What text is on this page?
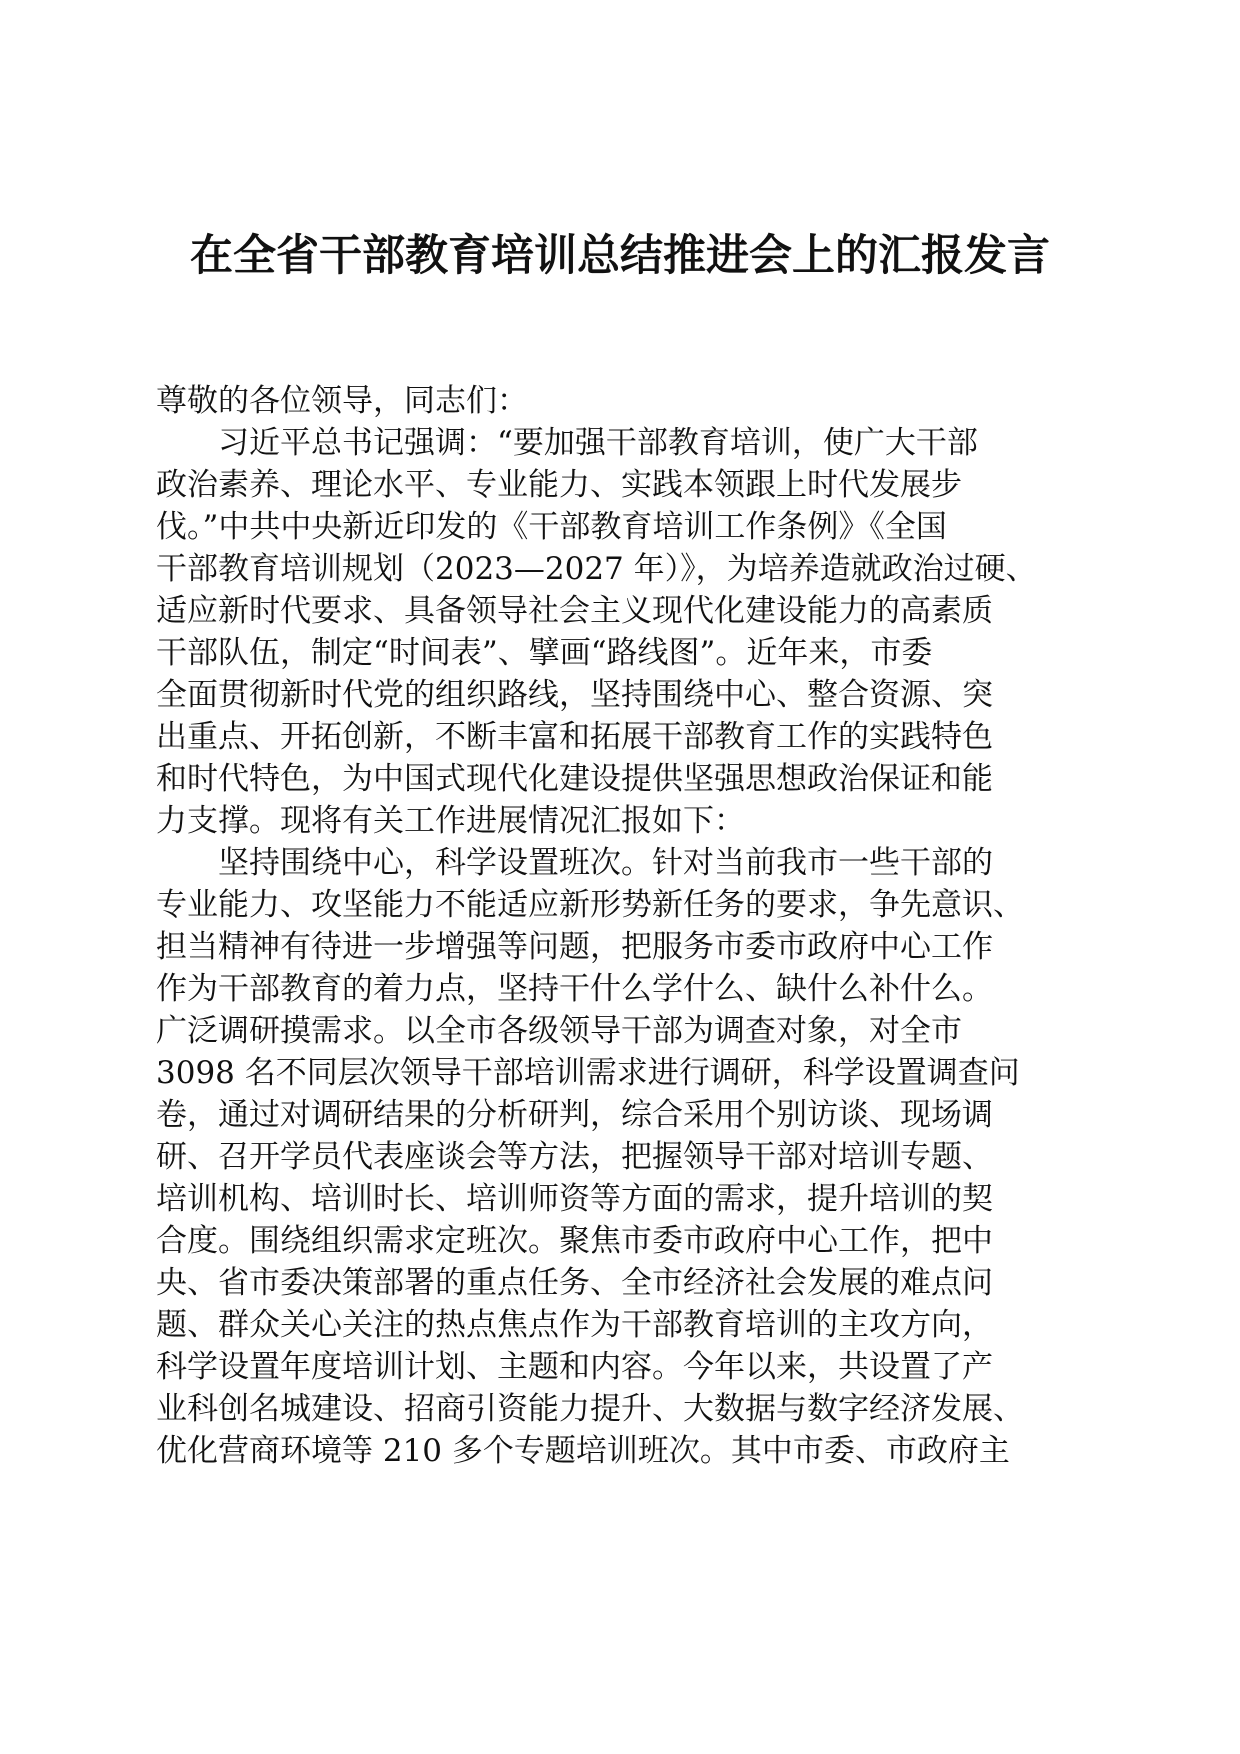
在全省干部教育培训总结推进会上的汇报发言

尊敬的各位领导，同志们：

习近平总书记强调：“要加强干部教育培训，使广大干部

政治素养、理论水平、专业能力、实践本领跟上时代发展步

伐。”中共中央新近印发的《干部教育培训工作条例》《全国

干部教育培训规划（2023—2027 年）》，为培养造就政治过硬、

适应新时代要求、具备领导社会主义现代化建设能力的高素质

干部队伍，制定“时间表”、擘画“路线图”。近年来，市委

全面贯彻新时代党的组织路线，坚持围绕中心、整合资源、突

出重点、开拓创新，不断丰富和拓展干部教育工作的实践特色

和时代特色，为中国式现代化建设提供坚强思想政治保证和能

力支撑。现将有关工作进展情况汇报如下：

坚持围绕中心，科学设置班次。针对当前我市一些干部的

专业能力、攻坚能力不能适应新形势新任务的要求，争先意识、

担当精神有待进一步增强等问题，把服务市委市政府中心工作

作为干部教育的着力点，坚持干什么学什么、缺什么补什么。

广泛调研摸需求。以全市各级领导干部为调查对象，对全市

3098 名不同层次领导干部培训需求进行调研，科学设置调查问

卷，通过对调研结果的分析研判，综合采用个别访谈、现场调

研、召开学员代表座谈会等方法，把握领导干部对培训专题、

培训机构、培训时长、培训师资等方面的需求，提升培训的契

合度。围绕组织需求定班次。聚焦市委市政府中心工作，把中

央、省市委决策部署的重点任务、全市经济社会发展的难点问

题、群众关心关注的热点焦点作为干部教育培训的主攻方向，

科学设置年度培训计划、主题和内容。今年以来，共设置了产

业科创名城建设、招商引资能力提升、大数据与数字经济发展、

优化营商环境等 210 多个专题培训班次。其中市委、市政府主
